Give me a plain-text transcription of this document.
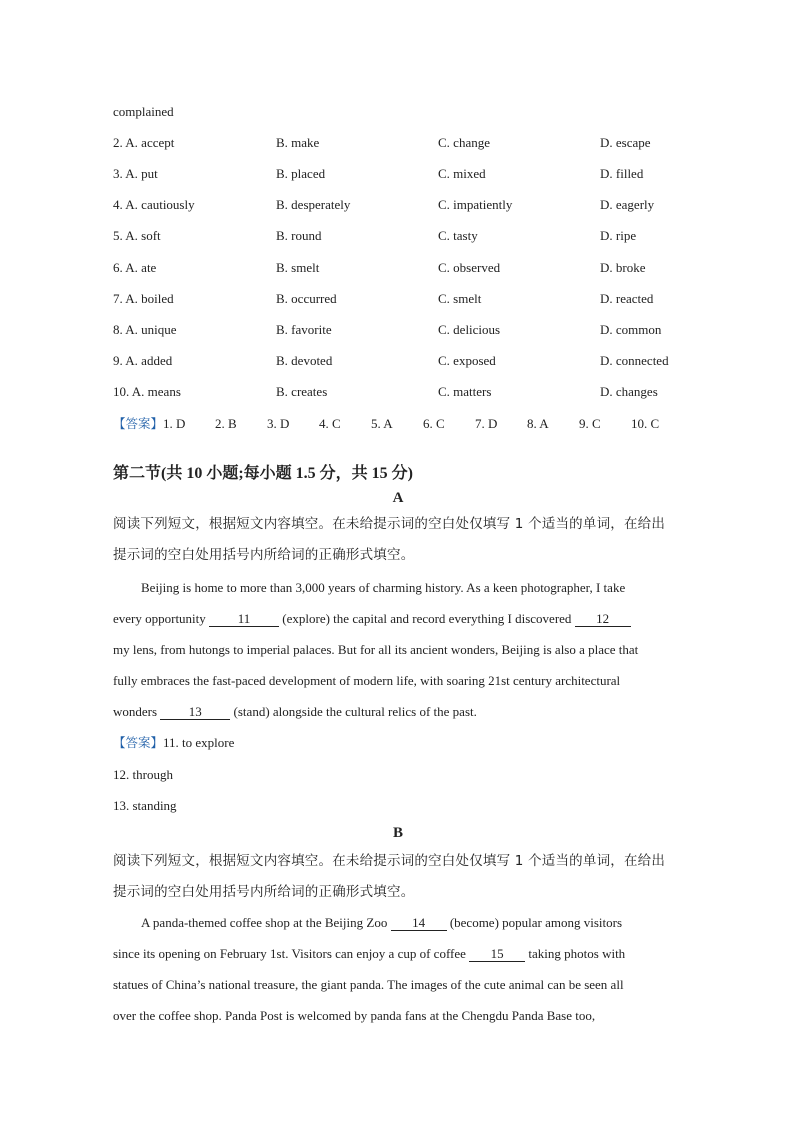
complained
2. A. accept	B. make	C. change	D. escape
3. A. put	B. placed	C. mixed	D. filled
4. A. cautiously	B. desperately	C. impatiently	D. eagerly
5. A. soft	B. round	C. tasty	D. ripe
6. A. ate	B. smelt	C. observed	D. broke
7. A. boiled	B. occurred	C. smelt	D. reacted
8. A. unique	B. favorite	C. delicious	D. common
9. A. added	B. devoted	C. exposed	D. connected
10. A. means	B. creates	C. matters	D. changes
【答案】1. D 2. B 3. D 4. C 5. A 6. C 7. D 8. A 9. C 10. C
第二节(共 10 小题;每小题 1.5 分，共 15 分)
A
阅读下列短文，根据短文内容填空。在未给提示词的空白处仅填写 1 个适当的单词，在给出
提示词的空白处用括号内所给词的正确形式填空。
Beijing is home to more than 3,000 years of charming history. As a keen photographer, I take
every opportunity 11 (explore) the capital and record everything I discovered 12
my lens, from hutongs to imperial palaces. But for all its ancient wonders, Beijing is also a place that
fully embraces the fast-paced development of modern life, with soaring 21st century architectural
wonders 13 (stand) alongside the cultural relics of the past.
【答案】11. to explore
12. through
13. standing
B
阅读下列短文，根据短文内容填空。在未给提示词的空白处仅填写 1 个适当的单词，在给出
提示词的空白处用括号内所给词的正确形式填空。
A panda-themed coffee shop at the Beijing Zoo 14 (become) popular among visitors
since its opening on February 1st. Visitors can enjoy a cup of coffee 15 taking photos with
statues of China’s national treasure, the giant panda. The images of the cute animal can be seen all
over the coffee shop. Panda Post is welcomed by panda fans at the Chengdu Panda Base too,
